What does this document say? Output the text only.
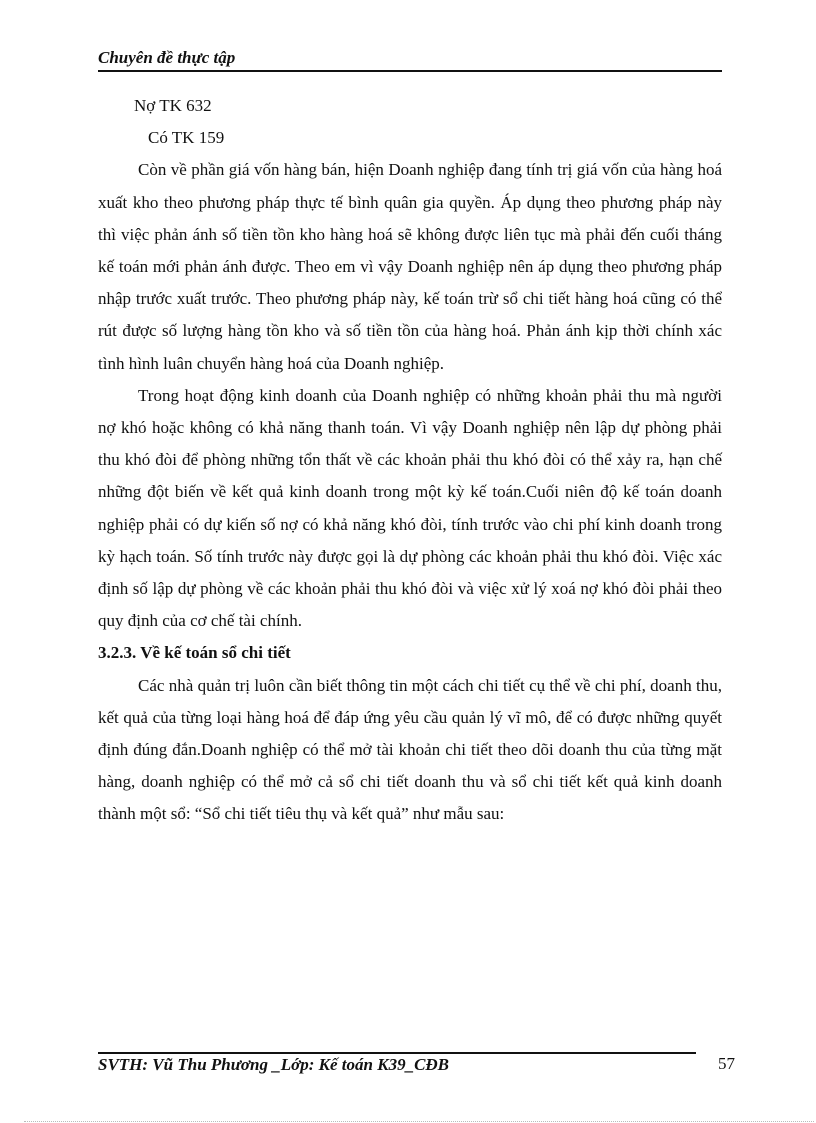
Chuyên đề thực tập

Nợ TK 632

Có TK 159

Còn về phần giá vốn hàng bán, hiện Doanh nghiệp đang tính trị giá vốn của hàng hoá xuất kho theo phương pháp thực tế bình quân gia quyền. Áp dụng theo phương pháp này thì việc phản ánh số tiền tồn kho hàng hoá sẽ không được liên tục mà phải đến cuối tháng kế toán mới phản ánh được. Theo em vì vậy Doanh nghiệp nên áp dụng theo phương pháp nhập trước xuất trước. Theo phương pháp này, kế toán trừ sổ chi tiết hàng hoá cũng có thể rút được số lượng hàng tồn kho và số tiền tồn của hàng hoá. Phản ánh kịp thời chính xác tình hình luân chuyển hàng hoá của Doanh nghiệp.

Trong hoạt động kinh doanh của Doanh nghiệp có những khoản phải thu mà người nợ khó hoặc không có khả năng thanh toán. Vì vậy Doanh nghiệp nên lập dự phòng phải thu khó đòi để phòng những tổn thất về các khoản phải thu khó đòi có thể xảy ra, hạn chế những đột biến về kết quả kinh doanh trong một kỳ kế toán.Cuối niên độ kế toán doanh nghiệp phải có dự kiến số nợ có khả năng khó đòi, tính trước vào chi phí kinh doanh trong kỳ hạch toán. Số tính trước này được gọi là dự phòng các khoản phải thu khó đòi. Việc xác định số lập dự phòng về các khoản phải thu khó đòi và việc xử lý xoá nợ khó đòi phải theo quy định của cơ chế tài chính.

3.2.3. Về kế toán sổ chi tiết

Các nhà quản trị luôn cần biết thông tin một cách chi tiết cụ thể về chi phí, doanh thu, kết quả của từng loại hàng hoá để đáp ứng yêu cầu quản lý vĩ mô, để có được những quyết định đúng đắn.Doanh nghiệp có thể mở tài khoản chi tiết theo dõi doanh thu của từng mặt hàng, doanh nghiệp có thể mở cả sổ chi tiết doanh thu và sổ chi tiết kết quả kinh doanh thành một sổ: “Sổ chi tiết tiêu thụ và kết quả” như mẫu sau:

SVTH: Vũ Thu Phương _Lớp: Kế toán K39_CĐB	57
